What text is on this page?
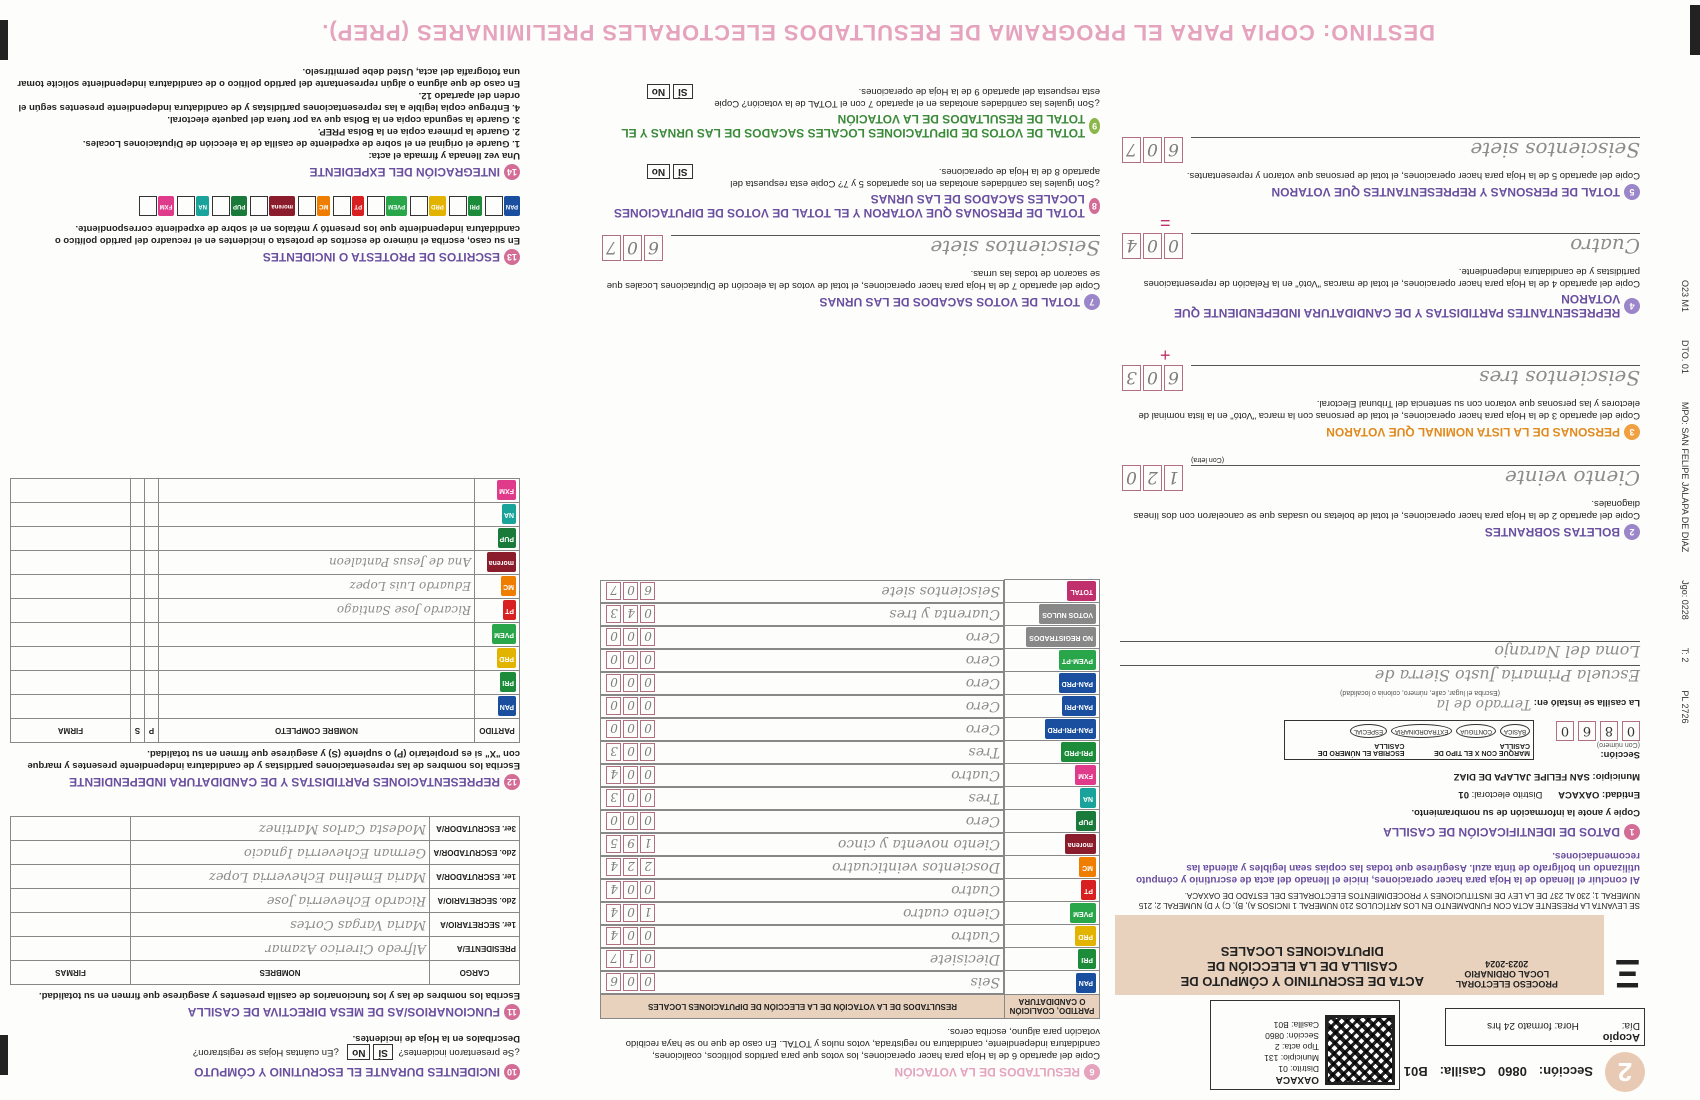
O23 M1
DTO. 01
MPO: SAN FELIPE JALAPA DE DIAZ
Jgo: 0228
T: 2
PL 2726
2
Sección:
0860
Casilla:
B01
Acopio
Día: Hora: formato 24 hrs
OAXACA
Distrito: 01
Municipio: 131
Tipo acta: 2
Sección: 0860
Casilla: B01
Ξ
PROCESO ELECTORAL LOCAL ORDINARIO 2023-2024 ACTA DE ESCRUTINIO Y CÓMPUTO DE CASILLA DE LA ELECCIÓN DE DIPUTACIONES LOCALES
SE LEVANTA LA PRESENTE ACTA CON FUNDAMENTO EN LOS ARTÍCULOS 210 NUMERAL 1 INCISOS A), B), C) Y D) NUMERAL 2; 215 NUMERAL 1; 230 AL 237 DE LA LEY DE INSTITUCIONES Y PROCEDIMIENTOS ELECTORALES DEL ESTADO DE OAXACA.
Al concluir el llenado de la Hoja para hacer operaciones, inicie el llenado del acta de escrutinio y cómputo utilizando un bolígrafo de tinta azul. Asegúrese que todas las copias sean legibles y atienda las recomendaciones.
1
DATOS DE IDENTIFICACIÓN DE CASILLA
Copie y anote la información de su nombramiento.
Entidad: OAXACA      Distrito electoral: 01
Municipio: SAN FELIPE JALAPA DE DIAZ
Sección:
(Con número)
0
8
6
0
MARQUE CON X EL TIPO DE CASILLA
ESCRIBA EL NÚMERO DE CASILLA
BÁSICA
CONTIGUA
EXTRAORDINARIA
ESPECIAL
La casilla se instaló en: Terrado de la
(Escriba el lugar, calle, número, colonia o localidad)
Escuela Primaria Justo Sierra de
Loma del Naranjo
2
BOLETAS SOBRANTES
Copie del apartado 2 de la Hoja para hacer operaciones, el total de boletas no usadas que se cancelaron con dos líneas diagonales.
Ciento veinte
(Con letra)
120
3
PERSONAS DE LA LISTA NOMINAL QUE VOTARON
Copie del apartado 3 de la Hoja para hacer operaciones, el total de personas con la marca "Votó" en la lista nominal de electores y las personas que votaron con su sentencia del Tribunal Electoral.
Seiscientos tres
603
+
4
REPRESENTANTES PARTIDISTAS Y DE CANDIDATURA INDEPENDIENTE QUE VOTARON
Copie del apartado 4 de la Hoja para hacer operaciones, el total de marcas "Votó" en la Relación de representaciones partidistas y de candidatura independiente.
Cuatro
004
=
5
TOTAL DE PERSONAS Y REPRESENTANTES QUE VOTARON
Copie del apartado 5 de la Hoja para hacer operaciones, el total de personas que votaron y representantes.
Seiscientos siete
607
DESTINO: COPIA PARA EL PROGRAMA DE RESULTADOS ELECTORALES PRELIMINARES (PREP).
6
RESULTADOS DE LA VOTACIÓN
Copie del apartado 6 de la Hoja para hacer operaciones, los votos que para partidos políticos, coaliciones, candidatura independiente, candidatura no registrada, votos nulos y TOTAL. En caso de que no se haya recibido votación para alguno, escriba ceros.
PARTIDO, COALICIÓN O CANDIDATURA	RESULTADOS DE LA VOTACIÓN DE LA ELECCIÓN DE DIPUTACIONES LOCALES
PAN	
Seis
006

PRI	
Diecisiete
017

PRD	
Cuatro
004

PVEM	
Ciento cuatro
104

PT	
Cuatro
004

MC	
Doscientos veinticuatro
224

morena	
Ciento noventa y cinco
195

PUP	
Cero
000

NA	
Tres
003

FXM	
Cuatro
004

PRI-PRD	
Tres
003

PAN-PRI-PRD	
Cero
000

PAN-PRI	
Cero
000

PAN-PRD	
Cero
000

PVEM-PT	
Cero
000

NO REGISTRADOS	
Cero
000

VOTOS NULOS	
Cuarenta y tres
043

TOTAL	
Seiscientos siete
607
7
TOTAL DE VOTOS SACADOS DE LAS URNAS
Copie del apartado 7 de la Hoja para hacer operaciones, el total de votos de la elección de Diputaciones Locales que se sacaron de todas las urnas.
Seiscientos siete
607
8
TOTAL DE PERSONAS QUE VOTARON Y EL TOTAL DE VOTOS DE DIPUTACIONES LOCALES SACADOS DE LAS URNAS
¿Son iguales las cantidades anotadas en los apartados 5 y 7? Copie esta respuesta del apartado 8 de la Hoja de operaciones. SÍNo
9
TOTAL DE VOTOS DE DIPUTACIONES LOCALES SACADOS DE LAS URNAS Y EL TOTAL DE RESULTADOS DE LA VOTACIÓN
¿Son iguales las cantidades anotadas en el apartado 7 con el TOTAL de la votación? Copie esta respuesta del apartado 9 de la Hoja de operaciones. SÍNo
10
INCIDENTES DURANTE EL ESCRUTINIO Y CÓMPUTO
¿Se presentaron incidentes? SÍNo   ¿En cuántas Hojas se registraron?
Descríbalos en la Hoja de incidentes.
11
FUNCIONARIOS/AS DE MESA DIRECTIVA DE CASILLA
Escriba los nombres de las y los funcionarios de casilla presentes y asegúrese que firmen en su totalidad.
CARGO	NOMBRES	FIRMAS
PRESIDENTE/A	Alfredo Cirerico Azamar	
1er. SECRETARIO/A	Maria Vargas Cortes	
2do. SECRETARIO/A	Ricardo Echeverria Jose	
1er. ESCRUTADOR/A	Maria Emelina Echeverria Lopez	
2do. ESCRUTADOR/A	German Echeverria Ignacio	
3er. ESCRUTADOR/A	Modesta Carlos Martinez	
12
REPRESENTACIONES PARTIDISTAS Y DE CANDIDATURA INDEPENDIENTE
Escriba los nombres de las representaciones partidistas y de candidatura independiente presentes y marque con "X" si es propietario (P) o suplente (S) y asegúrese que firmen en su totalidad.
PARTIDO	NOMBRE COMPLETO	P	S	FIRMA
PAN				
PRI				
PRD				
PVEM				
PT	Ricardo Jose Santiago			
MC	Eduardo Luis Lopez			
morena	Ana de Jesus Pantaleon			
PUP				
NA				
FXM				
13
ESCRITOS DE PROTESTA O INCIDENTES
En su caso, escriba el número de escritos de protesta o incidentes en el recuadro del partido político o candidatura independiente que los presentó y métalos en el sobre de expediente correspondiente.
PAN
PRI
PRD
PVEM
PT
MC
morena
PUP
NA
FXM
14
INTEGRACIÓN DEL EXPEDIENTE
Una vez llenada y firmada el acta:
1. Guarde el original en el sobre de expediente de casilla de la elección de Diputaciones Locales.
2. Guarde la primera copia en la Bolsa PREP.
3. Guarde la segunda copia en la Bolsa que va por fuera del paquete electoral.
4. Entregue copia legible a las representaciones partidistas y de candidatura independiente presentes según el orden del apartado 12.
En caso de que alguna o algún representante del partido político o de candidatura independiente solicite tomar una fotografía del acta, Usted debe permitírselo.
